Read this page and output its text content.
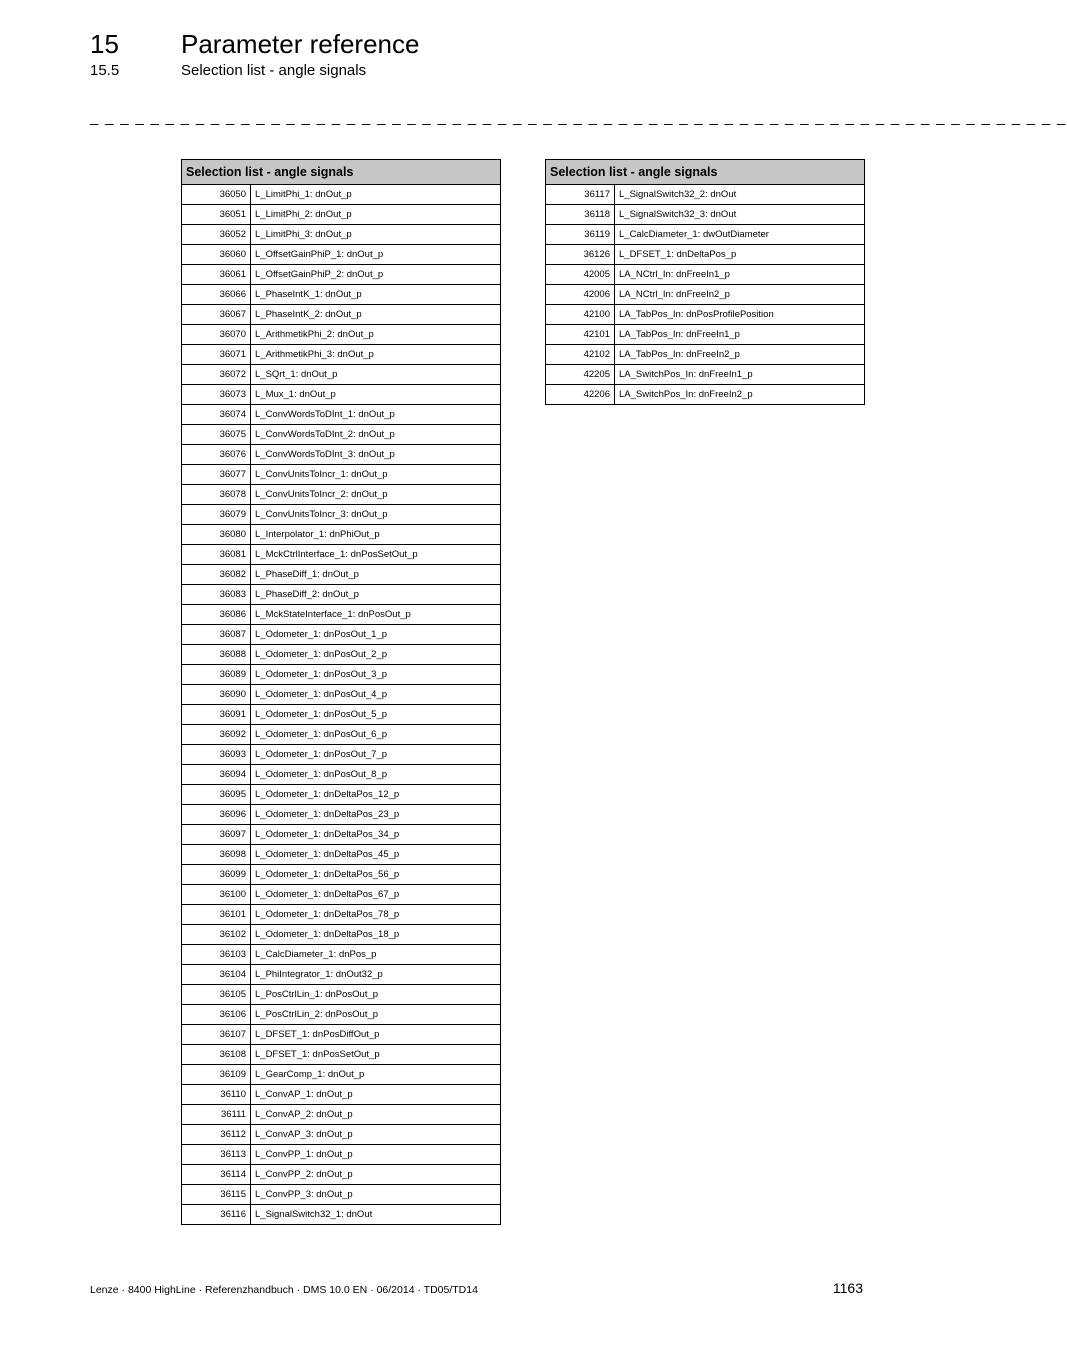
15 Parameter reference
15.5	Selection list - angle signals
_ _ _ _ _ _ _ _ _ _ _ _ _ _ _ _ _ _ _ _ _ _ _ _ _ _ _ _ _ _ _ _ _ _ _ _ _ _ _ _ _ _ _ _ _ _ _ _ _ _ _ _ _ _ _ _ _ _ _ _ _ _ _ _ _
Selection list - angle signals	
36050	L_LimitPhi_1: dnOut_p
36051	L_LimitPhi_2: dnOut_p
36052	L_LimitPhi_3: dnOut_p
36060	L_OffsetGainPhiP_1: dnOut_p
36061	L_OffsetGainPhiP_2: dnOut_p
36066	L_PhaseIntK_1: dnOut_p
36067	L_PhaseIntK_2: dnOut_p
36070	L_ArithmetikPhi_2: dnOut_p
36071	L_ArithmetikPhi_3: dnOut_p
36072	L_SQrt_1: dnOut_p
36073	L_Mux_1: dnOut_p
36074	L_ConvWordsToDInt_1: dnOut_p
36075	L_ConvWordsToDInt_2: dnOut_p
36076	L_ConvWordsToDInt_3: dnOut_p
36077	L_ConvUnitsToIncr_1: dnOut_p
36078	L_ConvUnitsToIncr_2: dnOut_p
36079	L_ConvUnitsToIncr_3: dnOut_p
36080	L_Interpolator_1: dnPhiOut_p
36081	L_MckCtrlInterface_1: dnPosSetOut_p
36082	L_PhaseDiff_1: dnOut_p
36083	L_PhaseDiff_2: dnOut_p
36086	L_MckStateInterface_1: dnPosOut_p
36087	L_Odometer_1: dnPosOut_1_p
36088	L_Odometer_1: dnPosOut_2_p
36089	L_Odometer_1: dnPosOut_3_p
36090	L_Odometer_1: dnPosOut_4_p
36091	L_Odometer_1: dnPosOut_5_p
36092	L_Odometer_1: dnPosOut_6_p
36093	L_Odometer_1: dnPosOut_7_p
36094	L_Odometer_1: dnPosOut_8_p
36095	L_Odometer_1: dnDeltaPos_12_p
36096	L_Odometer_1: dnDeltaPos_23_p
36097	L_Odometer_1: dnDeltaPos_34_p
36098	L_Odometer_1: dnDeltaPos_45_p
36099	L_Odometer_1: dnDeltaPos_56_p
36100	L_Odometer_1: dnDeltaPos_67_p
36101	L_Odometer_1: dnDeltaPos_78_p
36102	L_Odometer_1: dnDeltaPos_18_p
36103	L_CalcDiameter_1: dnPos_p
36104	L_PhiIntegrator_1: dnOut32_p
36105	L_PosCtrlLin_1: dnPosOut_p
36106	L_PosCtrlLin_2: dnPosOut_p
36107	L_DFSET_1: dnPosDiffOut_p
36108	L_DFSET_1: dnPosSetOut_p
36109	L_GearComp_1: dnOut_p
36110	L_ConvAP_1: dnOut_p
36111	L_ConvAP_2: dnOut_p
36112	L_ConvAP_3: dnOut_p
36113	L_ConvPP_1: dnOut_p
36114	L_ConvPP_2: dnOut_p
36115	L_ConvPP_3: dnOut_p
36116	L_SignalSwitch32_1: dnOut
Selection list - angle signals	
36117	L_SignalSwitch32_2: dnOut
36118	L_SignalSwitch32_3: dnOut
36119	L_CalcDiameter_1: dwOutDiameter
36126	L_DFSET_1: dnDeltaPos_p
42005	LA_NCtrl_In: dnFreeIn1_p
42006	LA_NCtrl_In: dnFreeIn2_p
42100	LA_TabPos_In: dnPosProfilePosition
42101	LA_TabPos_In: dnFreeIn1_p
42102	LA_TabPos_In: dnFreeIn2_p
42205	LA_SwitchPos_In: dnFreeIn1_p
42206	LA_SwitchPos_In: dnFreeIn2_p
Lenze · 8400 HighLine · Referenzhandbuch · DMS 10.0 EN · 06/2014 · TD05/TD14	1163
